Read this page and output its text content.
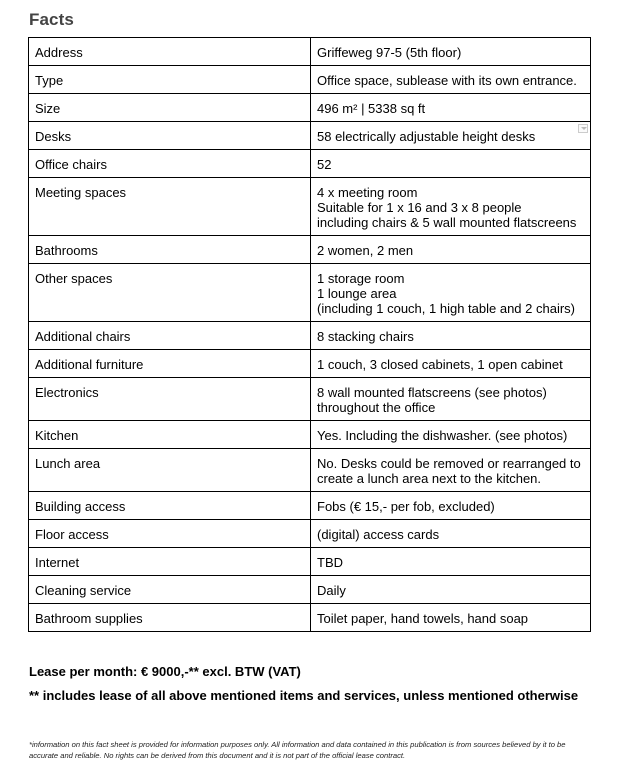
Facts
Address	Griffeweg 97-5 (5th floor)

Type	Office space, sublease with its own entrance.

Size	496 m² | 5338 sq ft

Desks	58 electrically adjustable height desks

Office chairs	52

Meeting spaces	4 x meeting room
Suitable for 1 x 16 and 3 x 8 people
including chairs & 5 wall mounted flatscreens

Bathrooms	2 women, 2 men

Other spaces	1 storage room
1 lounge area
(including 1 couch, 1 high table and 2 chairs)

Additional chairs	8 stacking chairs

Additional furniture	1 couch, 3 closed cabinets, 1 open cabinet

Electronics	8 wall mounted flatscreens (see photos)
throughout the office

Kitchen	Yes. Including the dishwasher. (see photos)

Lunch area	No. Desks could be removed or rearranged to
create a lunch area next to the kitchen.

Building access	Fobs (€ 15,- per fob, excluded)

Floor access	(digital) access cards

Internet	TBD

Cleaning service	Daily

Bathroom supplies	Toilet paper, hand towels, hand soap
Lease per month: € 9000,-** excl. BTW (VAT)
** includes lease of all above mentioned items and services, unless mentioned otherwise
*information on this fact sheet is provided for information purposes only. All information and data contained in this publication is from sources believed by it to be accurate and reliable. No rights can be derived from this document and it is not part of the official lease contract.
